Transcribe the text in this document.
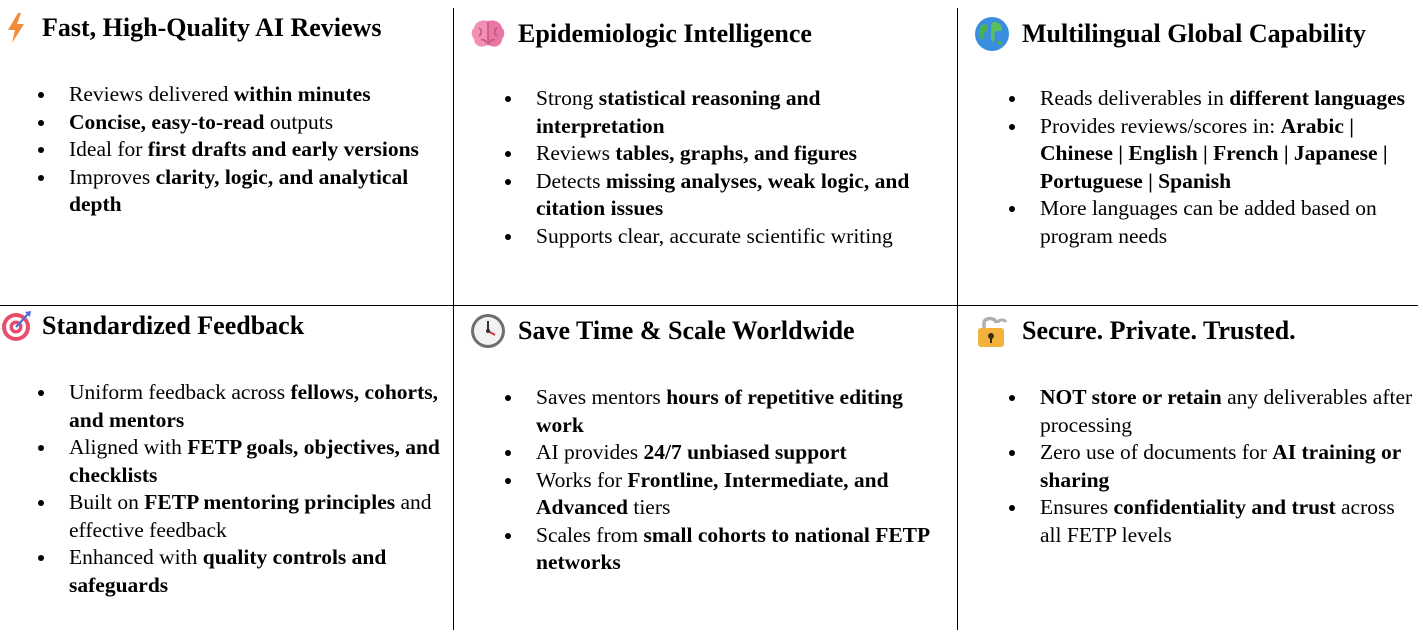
Fast, High-Quality AI Reviews
Reviews delivered within minutes
Concise, easy-to-read outputs
Ideal for first drafts and early versions
Improves clarity, logic, and analytical depth
Epidemiologic Intelligence
Strong statistical reasoning and interpretation
Reviews tables, graphs, and figures
Detects missing analyses, weak logic, and citation issues
Supports clear, accurate scientific writing
Multilingual Global Capability
Reads deliverables in different languages
Provides reviews/scores in: Arabic | Chinese | English | French | Japanese | Portuguese | Spanish
More languages can be added based on program needs
Standardized Feedback
Uniform feedback across fellows, cohorts, and mentors
Aligned with FETP goals, objectives, and checklists
Built on FETP mentoring principles and effective feedback
Enhanced with quality controls and safeguards
Save Time & Scale Worldwide
Saves mentors hours of repetitive editing work
AI provides 24/7 unbiased support
Works for Frontline, Intermediate, and Advanced tiers
Scales from small cohorts to national FETP networks
Secure. Private. Trusted.
NOT store or retain any deliverables after processing
Zero use of documents for AI training or sharing
Ensures confidentiality and trust across all FETP levels
